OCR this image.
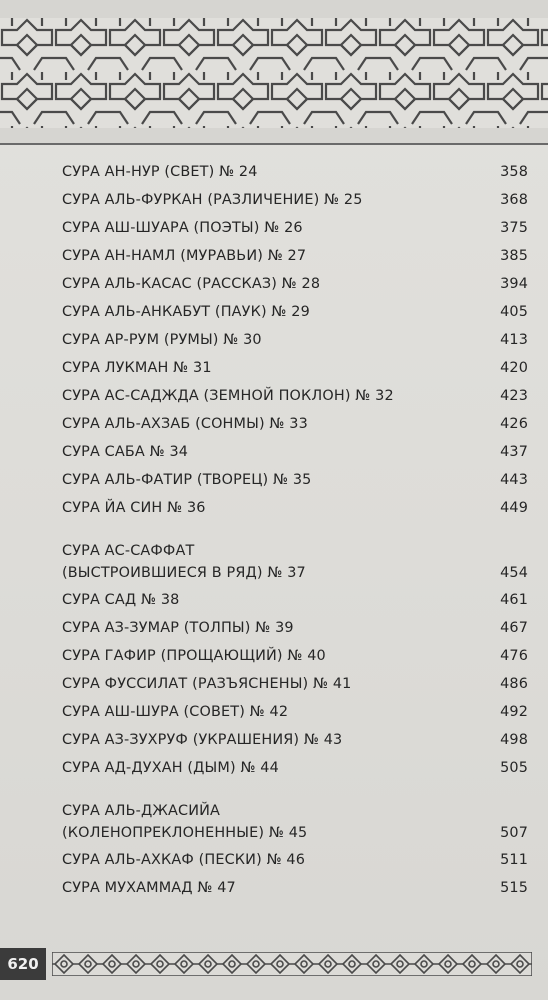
СУРА АН-НУР (СВЕТ) № 24	358
СУРА АЛЬ-ФУРКАН (РАЗЛИЧЕНИЕ) № 25	368
СУРА АШ-ШУАРА (ПОЭТЫ) № 26	375
СУРА АН-НАМЛ (МУРАВЬИ) № 27	385
СУРА АЛЬ-КАСАС (РАССКАЗ) № 28	394
СУРА АЛЬ-АНКАБУТ (ПАУК) № 29	405
СУРА АР-РУМ (РУМЫ) № 30	413
СУРА ЛУКМАН № 31	420
СУРА АС-САДЖДА (ЗЕМНОЙ ПОКЛОН) № 32	423
СУРА АЛЬ-АХЗАБ (СОНМЫ) № 33	426
СУРА САБА № 34	437
СУРА АЛЬ-ФАТИР (ТВОРЕЦ) № 35	443
СУРА ЙА СИН № 36	449
СУРА АС-САФФАТ
(ВЫСТРОИВШИЕСЯ В РЯД) № 37	454
СУРА САД № 38	461
СУРА АЗ-ЗУМАР (ТОЛПЫ) № 39	467
СУРА ГАФИР (ПРОЩАЮЩИЙ) № 40	476
СУРА ФУССИЛАТ (РАЗЪЯСНЕНЫ) № 41	486
СУРА АШ-ШУРА (СОВЕТ) № 42	492
СУРА АЗ-ЗУХРУФ (УКРАШЕНИЯ) № 43	498
СУРА АД-ДУХАН (ДЫМ) № 44	505
СУРА АЛЬ-ДЖАСИЙА
(КОЛЕНОПРЕКЛОНЕННЫЕ) № 45	507
СУРА АЛЬ-АХКАФ (ПЕСКИ) № 46	511
СУРА МУХАММАД № 47	515
620
